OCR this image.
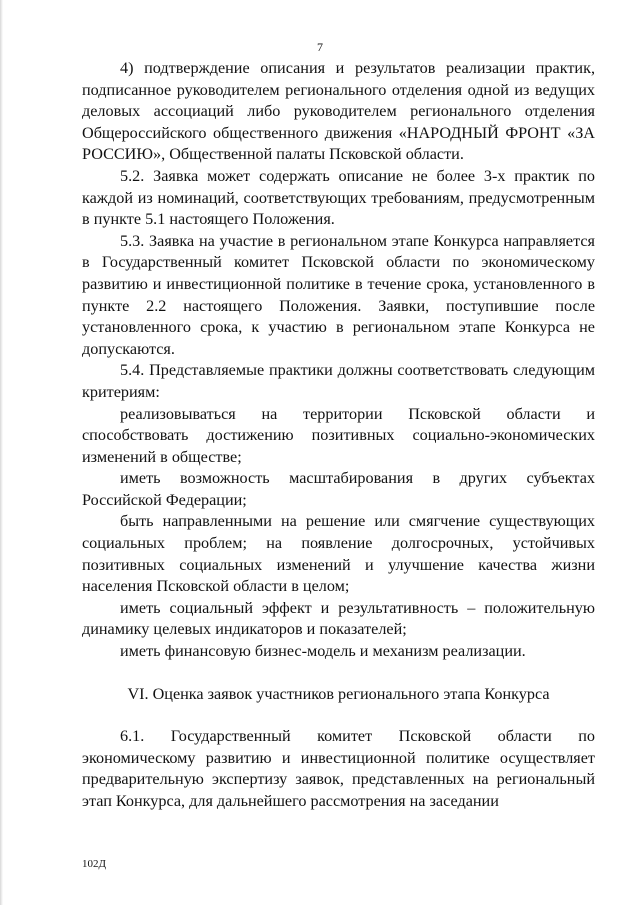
7

4) подтверждение описания и результатов реализации практик, подписанное руководителем регионального отделения одной из ведущих деловых ассоциаций либо руководителем регионального отделения Общероссийского общественного движения «НАРОДНЫЙ ФРОНТ «ЗА РОССИЮ», Общественной палаты Псковской области.

5.2. Заявка может содержать описание не более 3-х практик по каждой из номинаций, соответствующих требованиям, предусмотренным в пункте 5.1 настоящего Положения.

5.3. Заявка на участие в региональном этапе Конкурса направляется в Государственный комитет Псковской области по экономическому развитию и инвестиционной политике в течение срока, установленного в пункте 2.2 настоящего Положения. Заявки, поступившие после установленного срока, к участию в региональном этапе Конкурса не допускаются.

5.4. Представляемые практики должны соответствовать следующим критериям:

реализовываться на территории Псковской области и способствовать достижению позитивных социально-экономических изменений в обществе;

иметь возможность масштабирования в других субъектах Российской Федерации;

быть направленными на решение или смягчение существующих социальных проблем; на появление долгосрочных, устойчивых позитивных социальных изменений и улучшение качества жизни населения Псковской области в целом;

иметь социальный эффект и результативность – положительную динамику целевых индикаторов и показателей;

иметь финансовую бизнес-модель и механизм реализации.

VI. Оценка заявок участников регионального этапа Конкурса

6.1. Государственный комитет Псковской области по экономическому развитию и инвестиционной политике осуществляет предварительную экспертизу заявок, представленных на региональный этап Конкурса, для дальнейшего рассмотрения на заседании

102Д
